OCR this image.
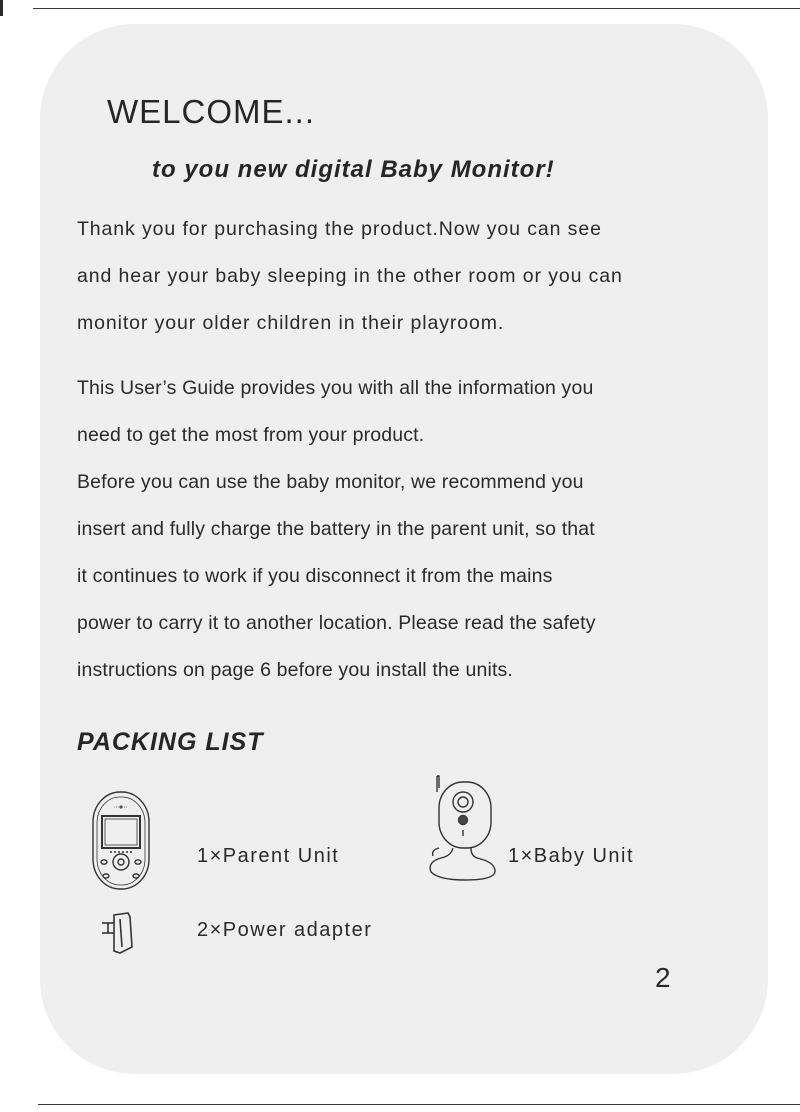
WELCOME...
to you new digital Baby Monitor!

Thank you for purchasing the product.Now you can see
and hear your baby sleeping in the other room or you can
monitor your older children in their playroom.

This User’s Guide provides you with all the information you
need to get the most from your product.
Before you can use the baby monitor, we recommend you
insert and fully charge the battery in the parent unit, so that
it continues to work if you disconnect it from the mains
power to carry it to another location. Please read the safety
instructions on page 6 before you install the units.

PACKING LIST
1×Parent Unit	1×Baby Unit
2×Power adapter
2
